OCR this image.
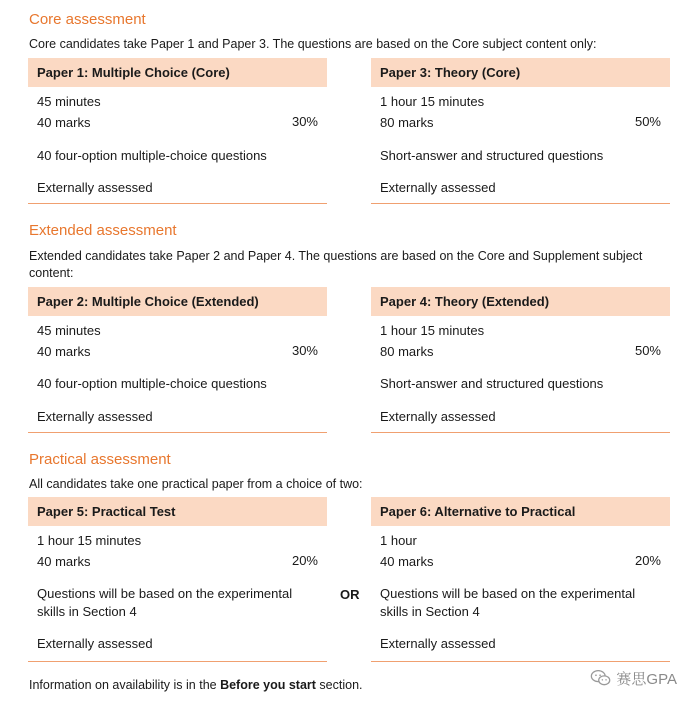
Core assessment
Core candidates take Paper 1 and Paper 3. The questions are based on the Core subject content only:
Paper 1: Multiple Choice (Core)
45 minutes
40 marks	30%
40 four-option multiple-choice questions
Externally assessed
Paper 3: Theory (Core)
1 hour 15 minutes
80 marks	50%
Short-answer and structured questions
Externally assessed
Extended assessment
Extended candidates take Paper 2 and Paper 4. The questions are based on the Core and Supplement subject content:
Paper 2: Multiple Choice (Extended)
45 minutes
40 marks	30%
40 four-option multiple-choice questions
Externally assessed
Paper 4: Theory (Extended)
1 hour 15 minutes
80 marks	50%
Short-answer and structured questions
Externally assessed
Practical assessment
All candidates take one practical paper from a choice of two:
Paper 5: Practical Test
1 hour 15 minutes
40 marks	20%
Questions will be based on the experimental skills in Section 4
Externally assessed
OR
Paper 6: Alternative to Practical
1 hour
40 marks	20%
Questions will be based on the experimental skills in Section 4
Externally assessed
Information on availability is in the Before you start section.	赛思GPA
